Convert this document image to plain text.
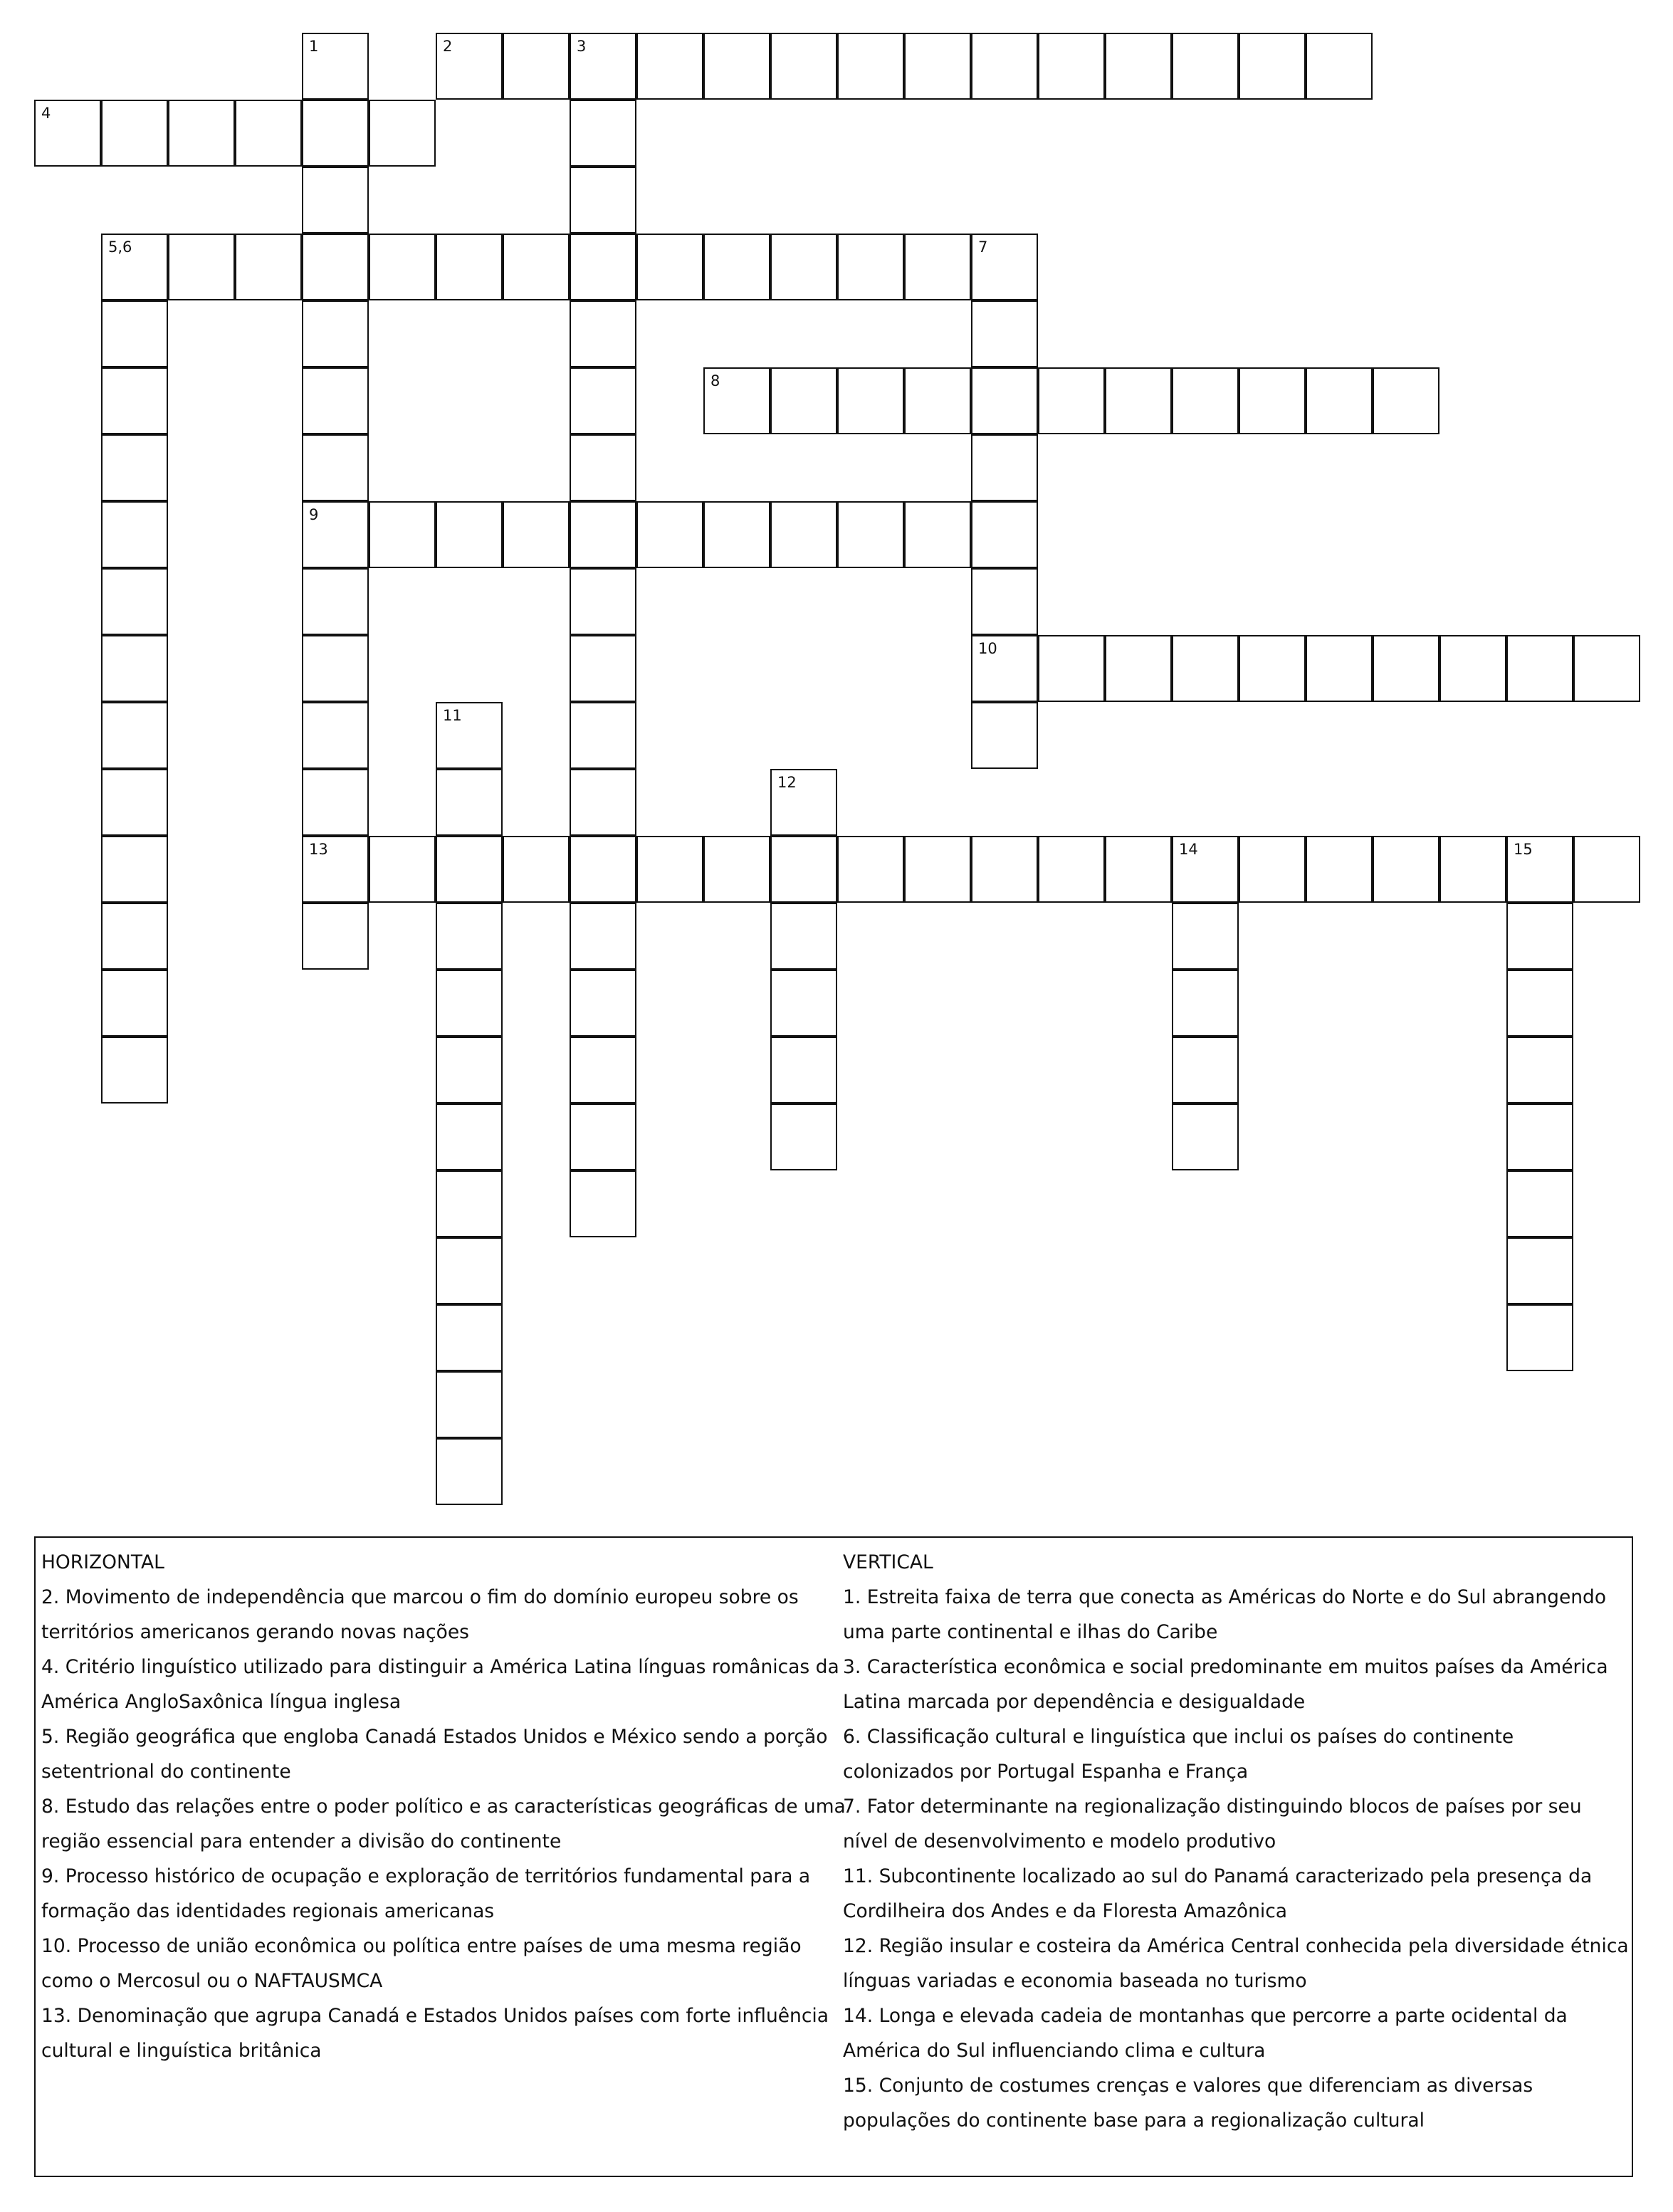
1
9
13
2	3
4
5,6	7
10
8
11
12
14	15
HORIZONTAL
2. Movimento de independência que marcou o fim do domínio europeu sobre os territórios americanos gerando novas nações
4. Critério linguístico utilizado para distinguir a América Latina línguas românicas da América AngloSaxônica língua inglesa
5. Região geográfica que engloba Canadá Estados Unidos e México sendo a porção setentrional do continente
8. Estudo das relações entre o poder político e as características geográficas de uma região essencial para entender a divisão do continente
9. Processo histórico de ocupação e exploração de territórios fundamental para a formação das identidades regionais americanas
10. Processo de união econômica ou política entre países de uma mesma região como o Mercosul ou o NAFTAUSMCA
13. Denominação que agrupa Canadá e Estados Unidos países com forte influência cultural e linguística britânica
VERTICAL
1. Estreita faixa de terra que conecta as Américas do Norte e do Sul abrangendo uma parte continental e ilhas do Caribe
3. Característica econômica e social predominante em muitos países da América Latina marcada por dependência e desigualdade
6. Classificação cultural e linguística que inclui os países do continente colonizados por Portugal Espanha e França
7. Fator determinante na regionalização distinguindo blocos de países por seu nível de desenvolvimento e modelo produtivo
11. Subcontinente localizado ao sul do Panamá caracterizado pela presença da Cordilheira dos Andes e da Floresta Amazônica
12. Região insular e costeira da América Central conhecida pela diversidade étnica línguas variadas e economia baseada no turismo
14. Longa e elevada cadeia de montanhas que percorre a parte ocidental da América do Sul influenciando clima e cultura
15. Conjunto de costumes crenças e valores que diferenciam as diversas populações do continente base para a regionalização cultural
